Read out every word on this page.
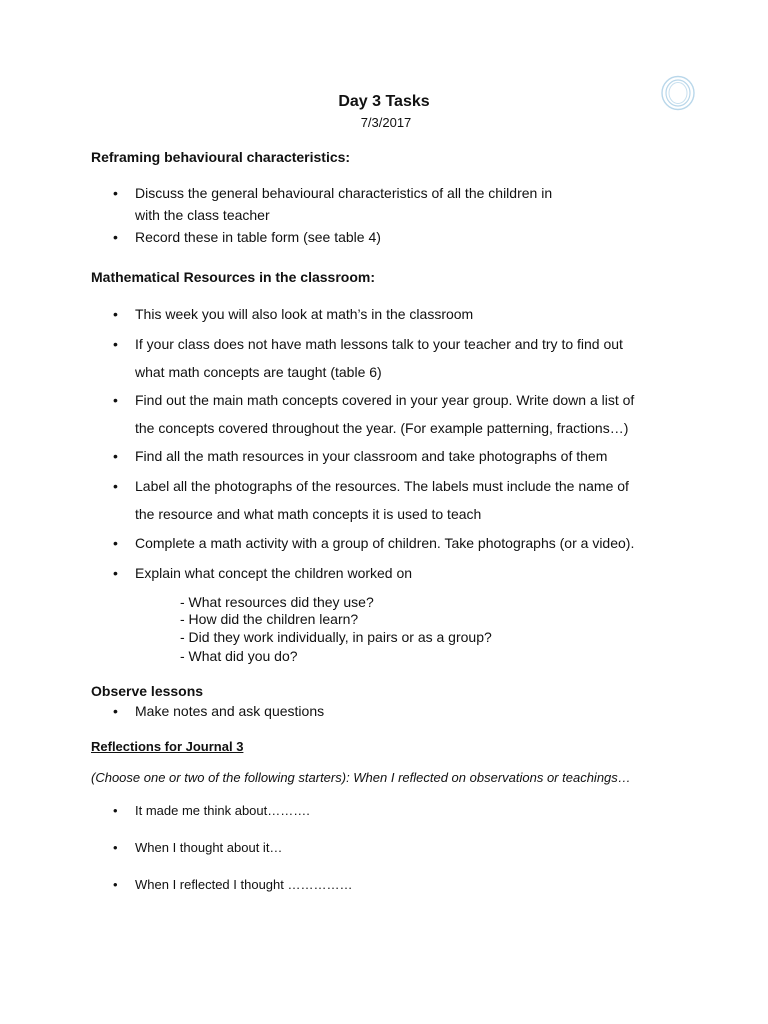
Day 3 Tasks
7/3/2017
Reframing behavioural characteristics:
• Discuss the general behavioural characteristics of all the children in
with the class teacher
• Record these in table form (see table 4)
Mathematical Resources in the classroom:
• This week you will also look at math’s in the classroom
• If your class does not have math lessons talk to your teacher and try to find out
what math concepts are taught (table 6)
• Find out the main math concepts covered in your year group. Write down a list of
the concepts covered throughout the year. (For example patterning, fractions…)
• Find all the math resources in your classroom and take photographs of them
• Label all the photographs of the resources. The labels must include the name of
the resource and what math concepts it is used to teach
• Complete a math activity with a group of children. Take photographs (or a video).
• Explain what concept the children worked on
- What resources did they use?
- How did the children learn?
- Did they work individually, in pairs or as a group?
- What did you do?
Observe lessons
• Make notes and ask questions
Reflections for Journal 3
(Choose one or two of the following starters): When I reflected on observations or teachings…
• It made me think about……….
• When I thought about it…
• When I reflected I thought ……………
